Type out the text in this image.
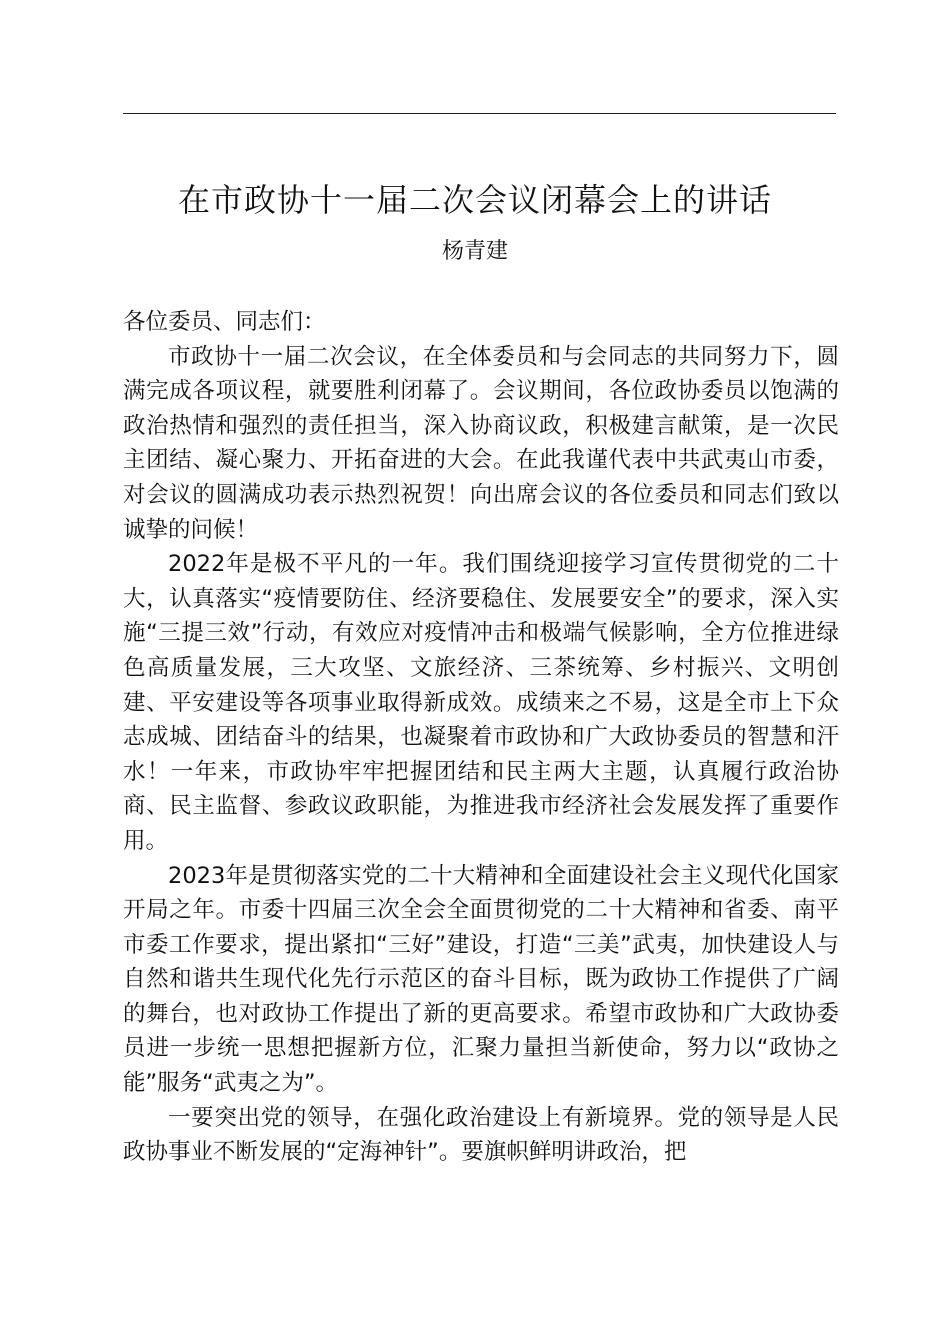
在市政协十一届二次会议闭幕会上的讲话
杨青建

各位委员、同志们：

市政协十一届二次会议，在全体委员和与会同志的共同努力下，圆满完成各项议程，就要胜利闭幕了。会议期间，各位政协委员以饱满的政治热情和强烈的责任担当，深入协商议政，积极建言献策，是一次民主团结、凝心聚力、开拓奋进的大会。在此我谨代表中共武夷山市委，对会议的圆满成功表示热烈祝贺！向出席会议的各位委员和同志们致以诚挚的问候！

2022年是极不平凡的一年。我们围绕迎接学习宣传贯彻党的二十大，认真落实“疫情要防住、经济要稳住、发展要安全”的要求，深入实施“三提三效”行动，有效应对疫情冲击和极端气候影响，全方位推进绿色高质量发展，三大攻坚、文旅经济、三茶统筹、乡村振兴、文明创建、平安建设等各项事业取得新成效。成绩来之不易，这是全市上下众志成城、团结奋斗的结果，也凝聚着市政协和广大政协委员的智慧和汗水！一年来，市政协牢牢把握团结和民主两大主题，认真履行政治协商、民主监督、参政议政职能，为推进我市经济社会发展发挥了重要作用。

2023年是贯彻落实党的二十大精神和全面建设社会主义现代化国家开局之年。市委十四届三次全会全面贯彻党的二十大精神和省委、南平市委工作要求，提出紧扣“三好”建设，打造“三美”武夷，加快建设人与自然和谐共生现代化先行示范区的奋斗目标，既为政协工作提供了广阔的舞台，也对政协工作提出了新的更高要求。希望市政协和广大政协委员进一步统一思想把握新方位，汇聚力量担当新使命，努力以“政协之能”服务“武夷之为”。

一要突出党的领导，在强化政治建设上有新境界。党的领导是人民政协事业不断发展的“定海神针”。要旗帜鲜明讲政治，把
